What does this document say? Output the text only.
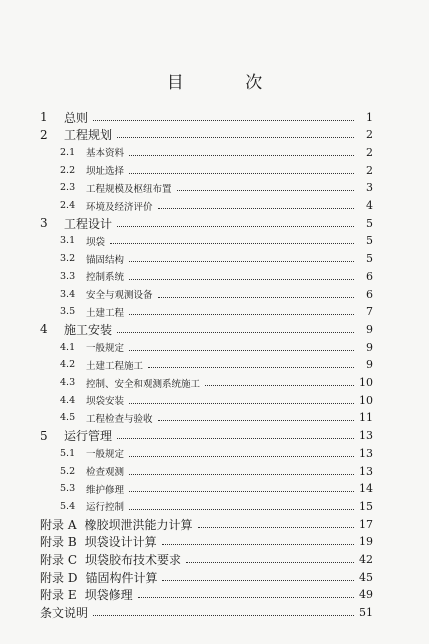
目 次
1	总则	1
2	工程规划	2
2.1	基本资料	2
2.2	坝址选择	2
2.3	工程规模及枢纽布置	3
2.4	环境及经济评价	4
3	工程设计	5
3.1	坝袋	5
3.2	锚固结构	5
3.3	控制系统	6
3.4	安全与观测设备	6
3.5	土建工程	7
4	施工安装	9
4.1	一般规定	9
4.2	土建工程施工	9
4.3	控制、安全和观测系统施工	10
4.4	坝袋安装	10
4.5	工程检查与验收	11
5	运行管理	13
5.1	一般规定	13
5.2	检查观测	13
5.3	维护修理	14
5.4	运行控制	15
附录 A 橡胶坝泄洪能力计算	17
附录 B 坝袋设计计算	19
附录 C 坝袋胶布技术要求	42
附录 D 锚固构件计算	45
附录 E 坝袋修理	49
条文说明	51
